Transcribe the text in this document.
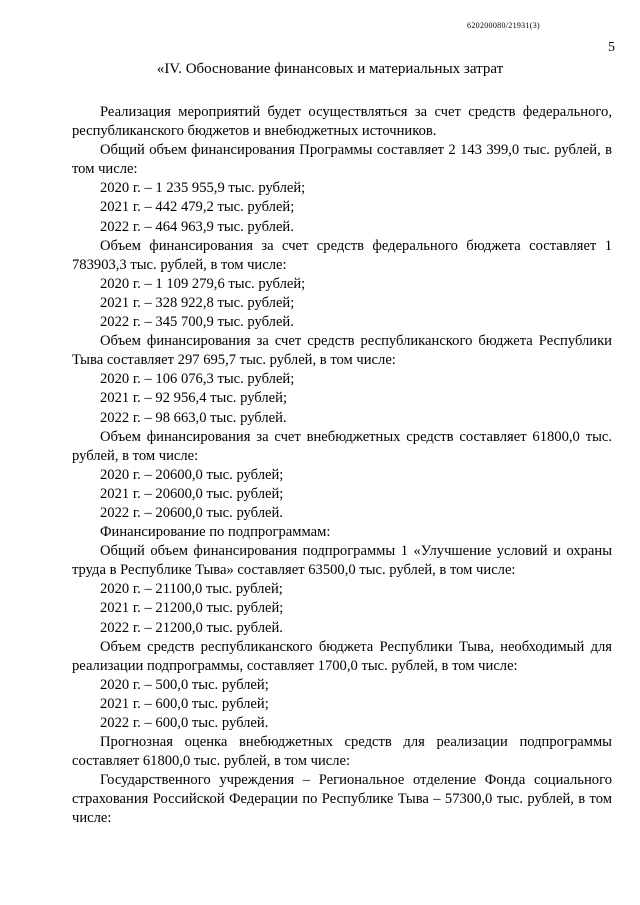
620200080/21931(3)
5
«IV. Обоснование финансовых и материальных затрат

Реализация мероприятий будет осуществляться за счет средств федерального, республиканского бюджетов и внебюджетных источников.

Общий объем финансирования Программы составляет 2 143 399,0 тыс. рублей, в том числе:

2020 г. – 1 235 955,9 тыс. рублей;

2021 г. – 442 479,2 тыс. рублей;

2022 г. – 464 963,9 тыс. рублей.

Объем финансирования за счет средств федерального бюджета составляет 1 783903,3 тыс. рублей, в том числе:

2020 г. – 1 109 279,6 тыс. рублей;

2021 г. – 328 922,8 тыс. рублей;

2022 г. – 345 700,9 тыс. рублей.

Объем финансирования за счет средств республиканского бюджета Республики Тыва составляет 297 695,7 тыс. рублей, в том числе:

2020 г. – 106 076,3 тыс. рублей;

2021 г. – 92 956,4 тыс. рублей;

2022 г. – 98 663,0 тыс. рублей.

Объем финансирования за счет внебюджетных средств составляет 61800,0 тыс. рублей, в том числе:

2020 г. – 20600,0 тыс. рублей;

2021 г. – 20600,0 тыс. рублей;

2022 г. – 20600,0 тыс. рублей.

Финансирование по подпрограммам:

Общий объем финансирования подпрограммы 1 «Улучшение условий и охраны труда в Республике Тыва» составляет 63500,0 тыс. рублей, в том числе:

2020 г. – 21100,0 тыс. рублей;

2021 г. – 21200,0 тыс. рублей;

2022 г. – 21200,0 тыс. рублей.

Объем средств республиканского бюджета Республики Тыва, необходимый для реализации подпрограммы, составляет 1700,0 тыс. рублей, в том числе:

2020 г. – 500,0 тыс. рублей;

2021 г. – 600,0 тыс. рублей;

2022 г. – 600,0 тыс. рублей.

Прогнозная оценка внебюджетных средств для реализации подпрограммы составляет 61800,0 тыс. рублей, в том числе:

Государственного учреждения – Региональное отделение Фонда социального страхования Российской Федерации по Республике Тыва – 57300,0 тыс. рублей, в том числе:
